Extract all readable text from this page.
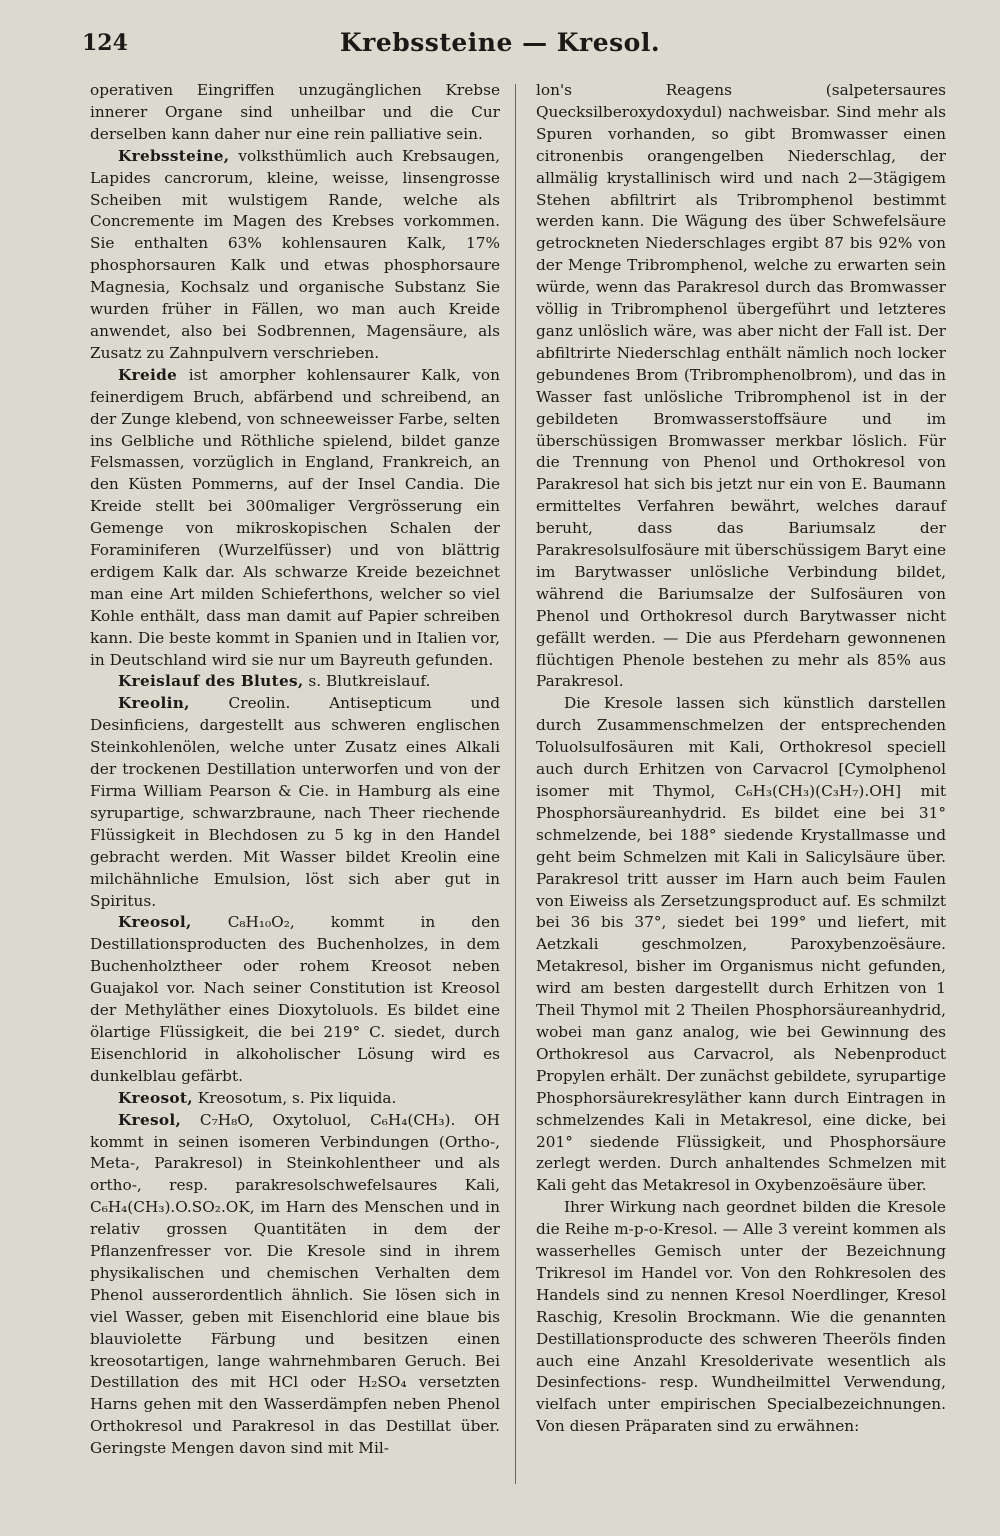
124	Krebssteine — Kresol.

operativen Eingriffen unzugänglichen Krebse innerer Organe sind unheilbar und die Cur derselben kann daher nur eine rein palliative sein.

Krebssteine, volksthümlich auch Krebsaugen, Lapides cancrorum, kleine, weisse, linsengrosse Scheiben mit wulstigem Rande, welche als Concremente im Magen des Krebses vorkommen. Sie enthalten 63% kohlensauren Kalk, 17% phosphorsauren Kalk und etwas phosphorsaure Magnesia, Kochsalz und organische Substanz Sie wurden früher in Fällen, wo man auch Kreide anwendet, also bei Sodbrennen, Magensäure, als Zusatz zu Zahnpulvern verschrieben.

Kreide ist amorpher kohlensaurer Kalk, von feinerdigem Bruch, abfärbend und schreibend, an der Zunge klebend, von schneeweisser Farbe, selten ins Gelbliche und Röthliche spielend, bildet ganze Felsmassen, vorzüglich in England, Frankreich, an den Küsten Pommerns, auf der Insel Candia. Die Kreide stellt bei 300maliger Vergrösserung ein Gemenge von mikroskopischen Schalen der Foraminiferen (Wurzelfüsser) und von blättrig erdigem Kalk dar. Als schwarze Kreide bezeichnet man eine Art milden Schieferthons, welcher so viel Kohle enthält, dass man damit auf Papier schreiben kann. Die beste kommt in Spanien und in Italien vor, in Deutschland wird sie nur um Bayreuth gefunden.

Kreislauf des Blutes, s. Blutkreislauf.

Kreolin, Creolin. Antisepticum und Desinficiens, dargestellt aus schweren englischen Steinkohlenölen, welche unter Zusatz eines Alkali der trockenen Destillation unterworfen und von der Firma William Pearson & Cie. in Hamburg als eine syrupartige, schwarzbraune, nach Theer riechende Flüssigkeit in Blechdosen zu 5 kg in den Handel gebracht werden. Mit Wasser bildet Kreolin eine milchähnliche Emulsion, löst sich aber gut in Spiritus.

Kreosol, C₈H₁₀O₂, kommt in den Destillationsproducten des Buchenholzes, in dem Buchenholztheer oder rohem Kreosot neben Guajakol vor. Nach seiner Constitution ist Kreosol der Methyläther eines Dioxytoluols. Es bildet eine ölartige Flüssigkeit, die bei 219° C. siedet, durch Eisenchlorid in alkoholischer Lösung wird es dunkelblau gefärbt.

Kreosot, Kreosotum, s. Pix liquida.

Kresol, C₇H₈O, Oxytoluol, C₆H₄(CH₃). OH kommt in seinen isomeren Verbindungen (Ortho-, Meta-, Parakresol) in Steinkohlentheer und als ortho-, resp. parakresolschwefelsaures Kali, C₆H₄(CH₃).O.SO₂.OK, im Harn des Menschen und in relativ grossen Quantitäten in dem der Pflanzenfresser vor. Die Kresole sind in ihrem physikalischen und chemischen Verhalten dem Phenol ausserordentlich ähnlich. Sie lösen sich in viel Wasser, geben mit Eisenchlorid eine blaue bis blauviolette Färbung und besitzen einen kreosotartigen, lange wahrnehmbaren Geruch. Bei Destillation des mit HCl oder H₂SO₄ versetzten Harns gehen mit den Wasserdämpfen neben Phenol Orthokresol und Parakresol in das Destillat über. Geringste Mengen davon sind mit Mil-

lon's Reagens (salpetersaures Quecksilberoxydoxydul) nachweisbar. Sind mehr als Spuren vorhanden, so gibt Bromwasser einen citronenbis orangengelben Niederschlag, der allmälig krystallinisch wird und nach 2—3tägigem Stehen abfiltrirt als Tribromphenol bestimmt werden kann. Die Wägung des über Schwefelsäure getrockneten Niederschlages ergibt 87 bis 92% von der Menge Tribromphenol, welche zu erwarten sein würde, wenn das Parakresol durch das Bromwasser völlig in Tribromphenol übergeführt und letzteres ganz unlöslich wäre, was aber nicht der Fall ist. Der abfiltrirte Niederschlag enthält nämlich noch locker gebundenes Brom (Tribromphenolbrom), und das in Wasser fast unlösliche Tribromphenol ist in der gebildeten Bromwasserstoffsäure und im überschüssigen Bromwasser merkbar löslich. Für die Trennung von Phenol und Orthokresol von Parakresol hat sich bis jetzt nur ein von E. Baumann ermitteltes Verfahren bewährt, welches darauf beruht, dass das Bariumsalz der Parakresolsulfosäure mit überschüssigem Baryt eine im Barytwasser unlösliche Verbindung bildet, während die Bariumsalze der Sulfosäuren von Phenol und Orthokresol durch Barytwasser nicht gefällt werden. — Die aus Pferdeharn gewonnenen flüchtigen Phenole bestehen zu mehr als 85% aus Parakresol.

Die Kresole lassen sich künstlich darstellen durch Zusammenschmelzen der entsprechenden Toluolsulfosäuren mit Kali, Orthokresol speciell auch durch Erhitzen von Carvacrol [Cymolphenol isomer mit Thymol, C₆H₃(CH₃)(C₃H₇).OH] mit Phosphorsäureanhydrid. Es bildet eine bei 31° schmelzende, bei 188° siedende Krystallmasse und geht beim Schmelzen mit Kali in Salicylsäure über. Parakresol tritt ausser im Harn auch beim Faulen von Eiweiss als Zersetzungsproduct auf. Es schmilzt bei 36 bis 37°, siedet bei 199° und liefert, mit Aetzkali geschmolzen, Paroxybenzoësäure. Metakresol, bisher im Organismus nicht gefunden, wird am besten dargestellt durch Erhitzen von 1 Theil Thymol mit 2 Theilen Phosphorsäureanhydrid, wobei man ganz analog, wie bei Gewinnung des Orthokresol aus Carvacrol, als Nebenproduct Propylen erhält. Der zunächst gebildete, syrupartige Phosphorsäurekresyläther kann durch Eintragen in schmelzendes Kali in Metakresol, eine dicke, bei 201° siedende Flüssigkeit, und Phosphorsäure zerlegt werden. Durch anhaltendes Schmelzen mit Kali geht das Metakresol in Oxybenzoësäure über.

Ihrer Wirkung nach geordnet bilden die Kresole die Reihe m-p-o-Kresol. — Alle 3 vereint kommen als wasserhelles Gemisch unter der Bezeichnung Trikresol im Handel vor. Von den Rohkresolen des Handels sind zu nennen Kresol Noerdlinger, Kresol Raschig, Kresolin Brockmann. Wie die genannten Destillationsproducte des schweren Theeröls finden auch eine Anzahl Kresolderivate wesentlich als Desinfections- resp. Wundheilmittel Verwendung, vielfach unter empirischen Specialbezeichnungen. Von diesen Präparaten sind zu erwähnen:
